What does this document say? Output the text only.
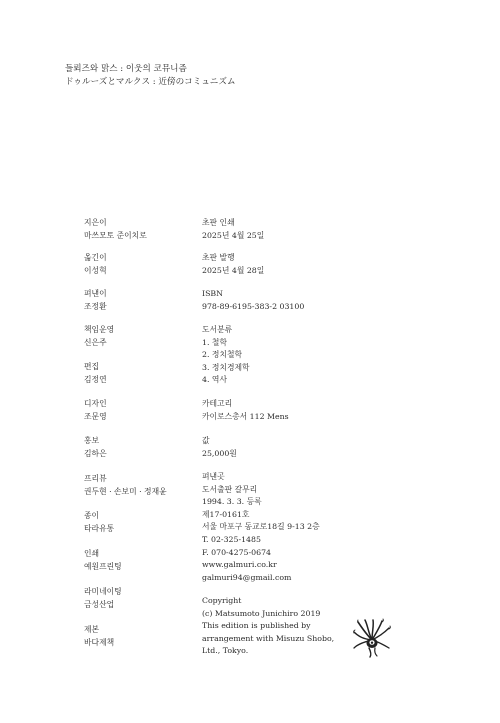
들뢰즈와 맑스 : 이웃의 코뮤니즘
ドゥルーズとマルクス : 近傍のコミュニズム
지은이
마쓰모토 준이치로
옮긴이
이성혁
펴낸이
조정환
책임운영
신은주
편집
김정연
디자인
조문영
홍보
김하은
프리뷰
권두현 · 손보미 · 정재윤
종이
타라유통
인쇄
예원프린팅
라미네이팅
금성산업
제본
바다제책
초판 인쇄
2025년 4월 25일
초판 발행
2025년 4월 28일
ISBN
978-89-6195-383-2 03100
도서분류
1. 철학
2. 정치철학
3. 정치경제학
4. 역사
카테고리
카이로스총서 112 Mens
값
25,000원
펴낸곳
도서출판 갈무리
1994. 3. 3. 등록
제17-0161호
서울 마포구 동교로18길 9-13 2층
T. 02-325-1485
F. 070-4275-0674
www.galmuri.co.kr
galmuri94@gmail.com
Copyright
(c) Matsumoto Junichiro 2019
This edition is published by
arrangement with Misuzu Shobo,
Ltd., Tokyo.
